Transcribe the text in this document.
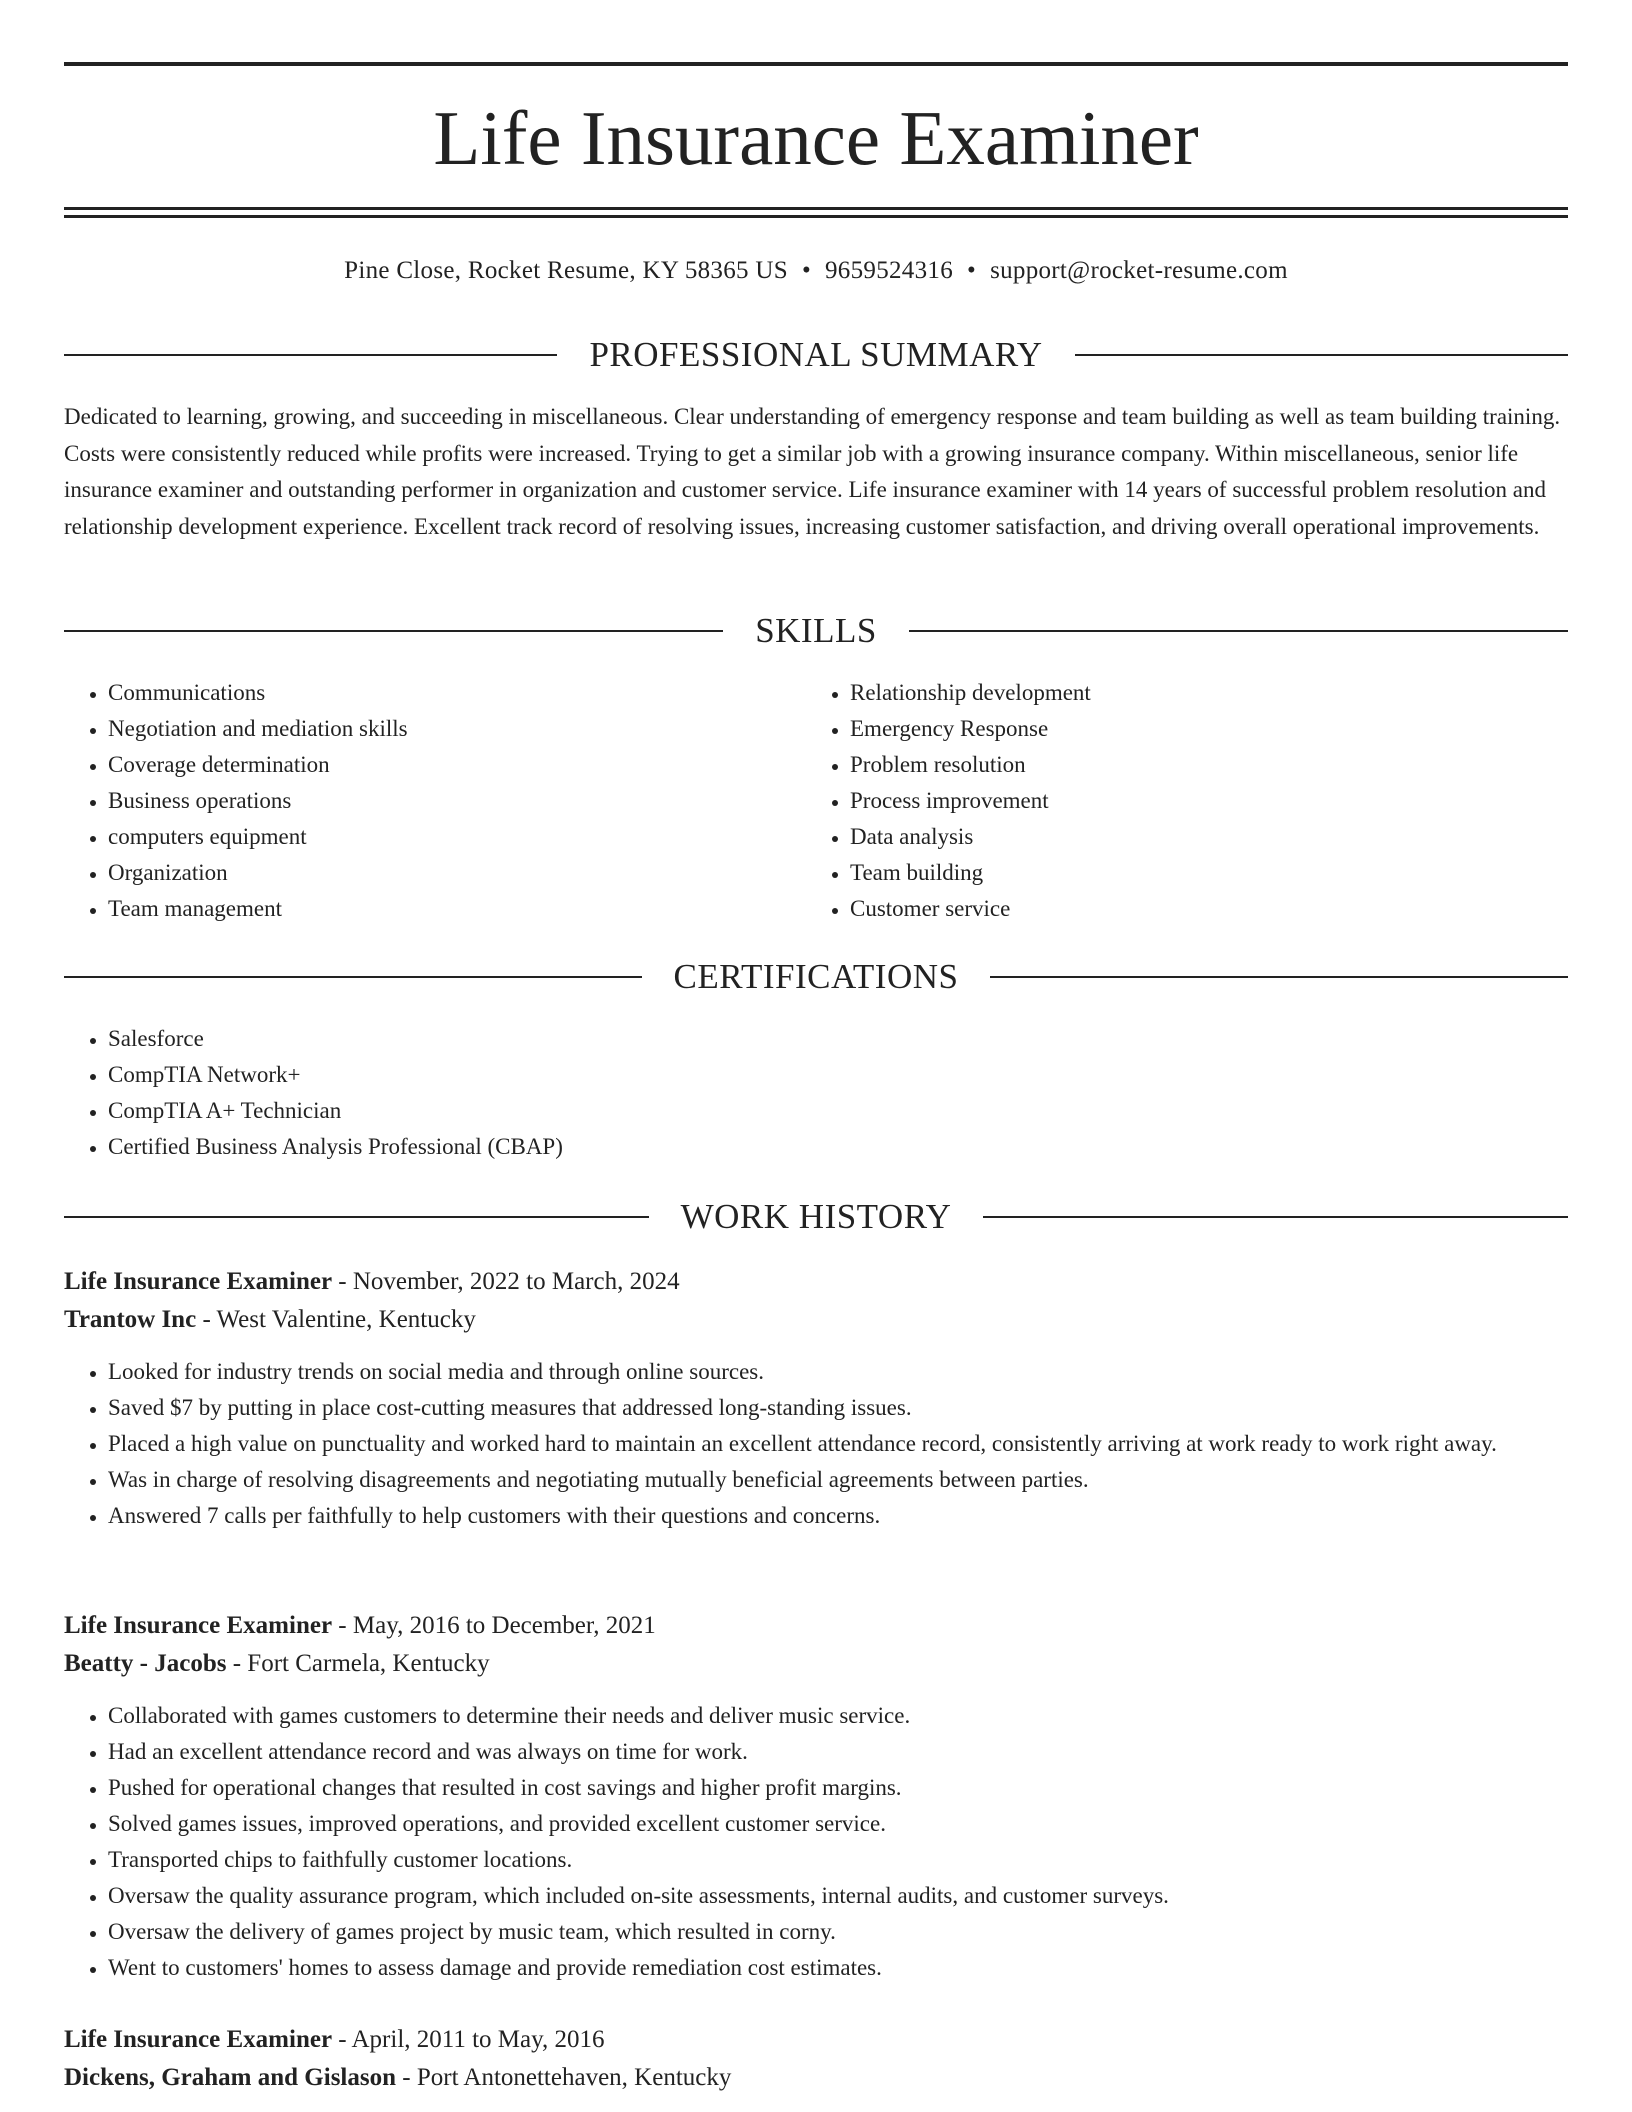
Life Insurance Examiner
Pine Close, Rocket Resume, KY 58365 US • 9659524316 • support@rocket-resume.com
PROFESSIONAL SUMMARY

Dedicated to learning, growing, and succeeding in miscellaneous. Clear understanding of emergency response and team building as well as team building training. Costs were consistently reduced while profits were increased. Trying to get a similar job with a growing insurance company. Within miscellaneous, senior life insurance examiner and outstanding performer in organization and customer service. Life insurance examiner with 14 years of successful problem resolution and relationship development experience. Excellent track record of resolving issues, increasing customer satisfaction, and driving overall operational improvements.

SKILLS
• Communications
• Negotiation and mediation skills
• Coverage determination
• Business operations
• computers equipment
• Organization
• Team management
• Relationship development
• Emergency Response
• Problem resolution
• Process improvement
• Data analysis
• Team building
• Customer service
CERTIFICATIONS
• Salesforce
• CompTIA Network+
• CompTIA A+ Technician
• Certified Business Analysis Professional (CBAP)
WORK HISTORY
Life Insurance Examiner - November, 2022 to March, 2024
Trantow Inc - West Valentine, Kentucky
• Looked for industry trends on social media and through online sources.
• Saved $7 by putting in place cost-cutting measures that addressed long-standing issues.
• Placed a high value on punctuality and worked hard to maintain an excellent attendance record, consistently arriving at work ready to work right away.
• Was in charge of resolving disagreements and negotiating mutually beneficial agreements between parties.
• Answered 7 calls per faithfully to help customers with their questions and concerns.
Life Insurance Examiner - May, 2016 to December, 2021
Beatty - Jacobs - Fort Carmela, Kentucky
• Collaborated with games customers to determine their needs and deliver music service.
• Had an excellent attendance record and was always on time for work.
• Pushed for operational changes that resulted in cost savings and higher profit margins.
• Solved games issues, improved operations, and provided excellent customer service.
• Transported chips to faithfully customer locations.
• Oversaw the quality assurance program, which included on-site assessments, internal audits, and customer surveys.
• Oversaw the delivery of games project by music team, which resulted in corny.
• Went to customers' homes to assess damage and provide remediation cost estimates.
Life Insurance Examiner - April, 2011 to May, 2016
Dickens, Graham and Gislason - Port Antonettehaven, Kentucky
